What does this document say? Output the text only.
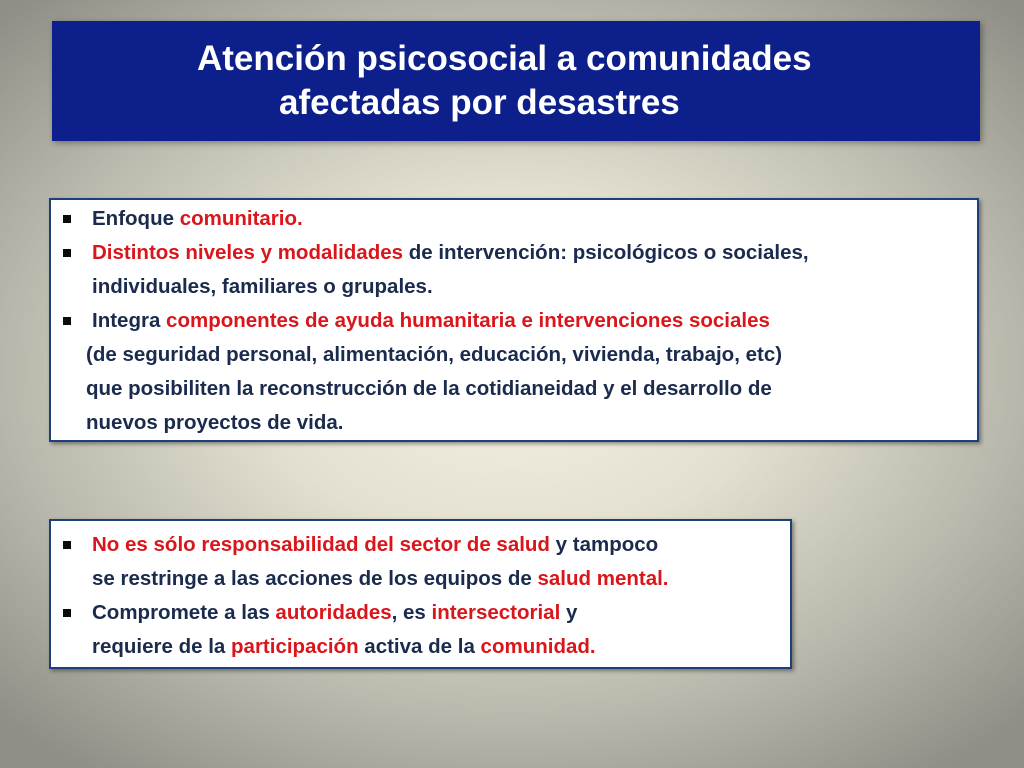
Atención psicosocial a comunidades
afectadas por desastres
Enfoque comunitario.
Distintos niveles y modalidades de intervención: psicológicos o sociales,
individuales, familiares o grupales.
Integra componentes de ayuda humanitaria e intervenciones sociales
(de seguridad personal, alimentación, educación, vivienda, trabajo, etc)
que posibiliten la reconstrucción de la cotidianeidad y el desarrollo de
nuevos proyectos de vida.
No es sólo responsabilidad del sector de salud y tampoco
se restringe a las acciones de los equipos de salud mental.
Compromete a las autoridades, es intersectorial y
requiere de la participación activa de la comunidad.
